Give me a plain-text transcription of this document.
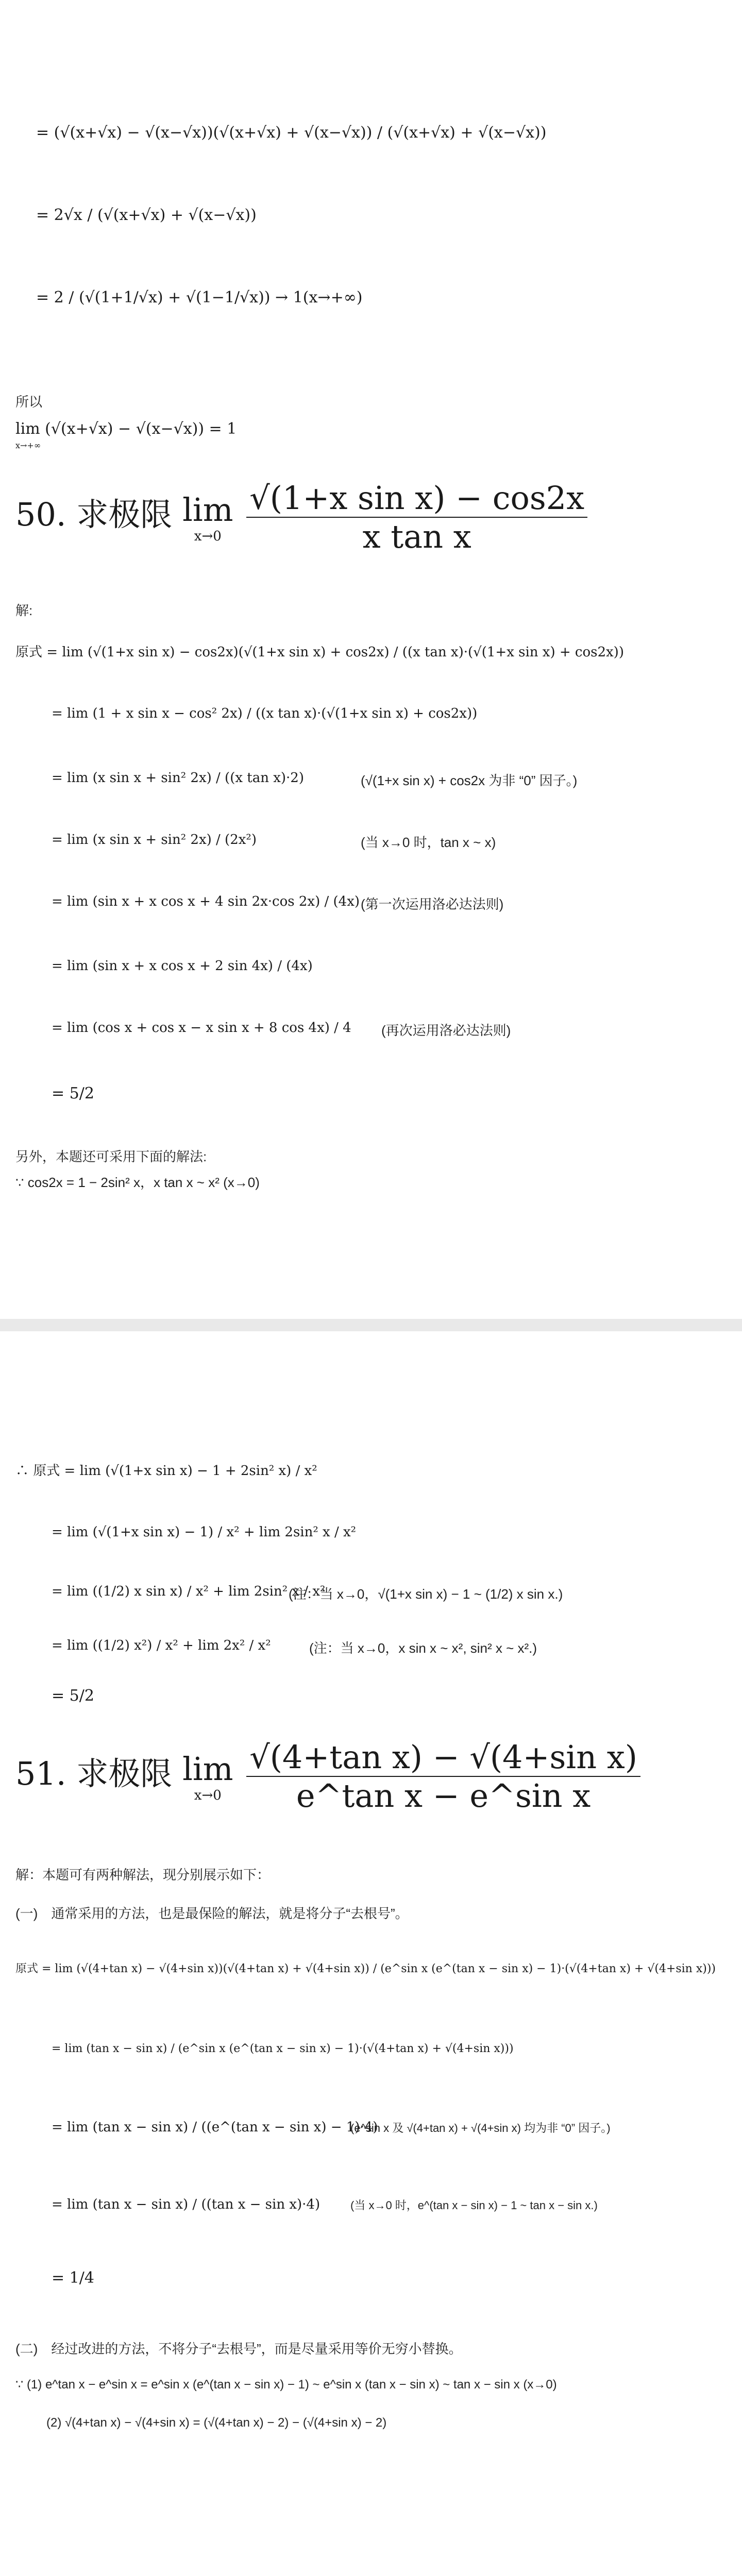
= (√(x+√x) − √(x−√x))(√(x+√x) + √(x−√x)) / (√(x+√x) + √(x−√x))
= 2√x / (√(x+√x) + √(x−√x))
= 2 / (√(1+1/√x) + √(1−1/√x)) → 1(x→+∞)
所以
lim (√(x+√x) − √(x−√x)) = 1
x→+∞
50. 求极限 lim
x→0
$\frac{\text{√(1+x sin x) − cos2x}}{\text{x tan x}}$
解:
原式 = lim (√(1+x sin x) − cos2x)(√(1+x sin x) + cos2x) / ((x tan x)·(√(1+x sin x) + cos2x))
= lim (1 + x sin x − cos² 2x) / ((x tan x)·(√(1+x sin x) + cos2x))
= lim (x sin x + sin² 2x) / ((x tan x)·2)	(√(1+x sin x) + cos2x 为非 “0” 因子。)
= lim (x sin x + sin² 2x) / (2x²)	(当 x→0 时，tan x ~ x)
= lim (sin x + x cos x + 4 sin 2x·cos 2x) / (4x) (第一次运用洛必达法则)
= lim (sin x + x cos x + 2 sin 4x) / (4x)
= lim (cos x + cos x − x sin x + 8 cos 4x) / 4 (再次运用洛必达法则)
= 5/2
另外，本题还可采用下面的解法:
∵ cos2x = 1 − 2sin² x，x tan x ~ x² (x→0)
∴ 原式 = lim (√(1+x sin x) − 1 + 2sin² x) / x²
= lim (√(1+x sin x) − 1) / x² + lim 2sin² x / x²
= lim ((1/2) x sin x) / x² + lim 2sin² x / x²
(注：当 x→0，√(1+x sin x) − 1 ~ (1/2) x sin x.)
= lim ((1/2) x²) / x² + lim 2x² / x²	(注：当 x→0，x sin x ~ x², sin² x ~ x².)
= 5/2
51. 求极限 lim
x→0
$\frac{\text{√(4+tan x) − √(4+sin x)}}{\text{e\textasciicircum{}tan x − e\textasciicircum{}sin x}}$
解：本题可有两种解法，现分别展示如下：
(一)　通常采用的方法，也是最保险的解法，就是将分子“去根号”。
原式 = lim (√(4+tan x) − √(4+sin x))(√(4+tan x) + √(4+sin x)) / (e^sin x (e^(tan x − sin x) − 1)·(√(4+tan x) + √(4+sin x)))
= lim (tan x − sin x) / (e^sin x (e^(tan x − sin x) − 1)·(√(4+tan x) + √(4+sin x)))
= lim (tan x − sin x) / ((e^(tan x − sin x) − 1)·4)
(e^sin x 及 √(4+tan x) + √(4+sin x) 均为非 “0” 因子。)
= lim (tan x − sin x) / ((tan x − sin x)·4)	(当 x→0 时，e^(tan x − sin x) − 1 ~ tan x − sin x.)
= 1/4
(二)　经过改进的方法，不将分子“去根号”，而是尽量采用等价无穷小替换。
∵ (1) e^tan x − e^sin x = e^sin x (e^(tan x − sin x) − 1) ~ e^sin x (tan x − sin x) ~ tan x − sin x (x→0)
(2) √(4+tan x) − √(4+sin x) = (√(4+tan x) − 2) − (√(4+sin x) − 2)
